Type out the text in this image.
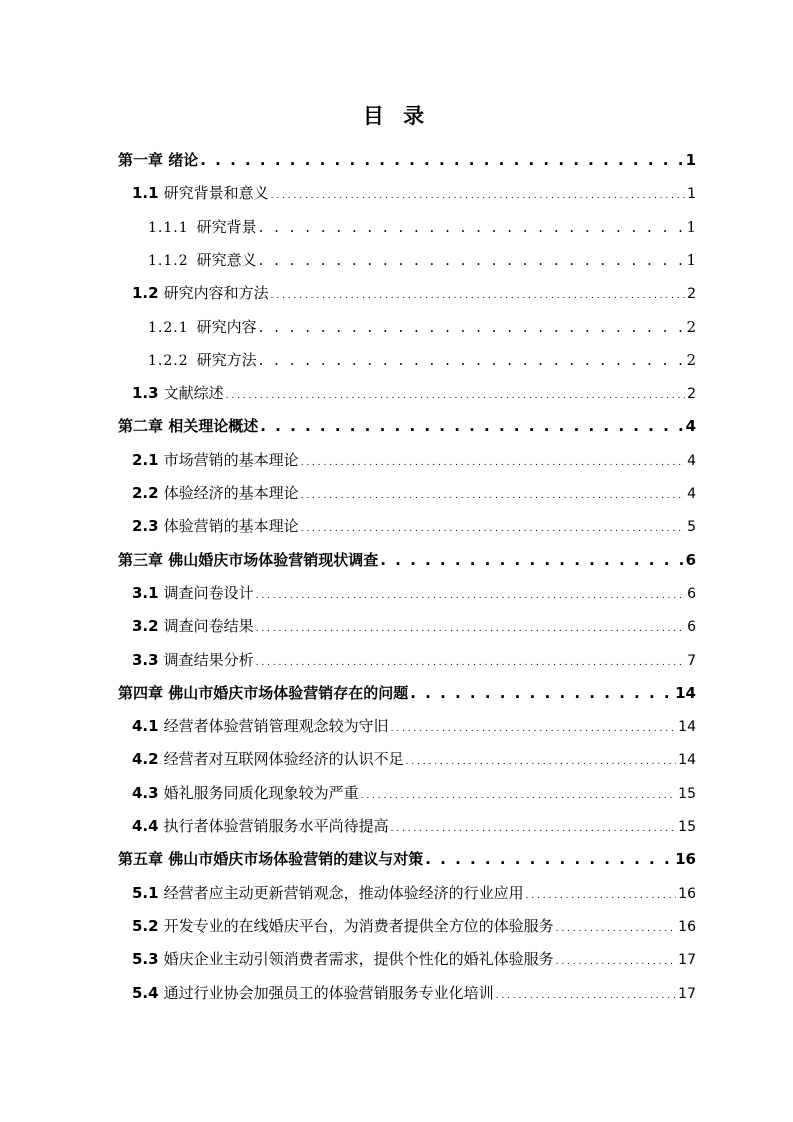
目 录
第一章 绪论 . . .	1
1.1 研究背景和意义 . . .	1
1.1.1 研究背景 . . .	1
1.1.2 研究意义 . . .	1
1.2 研究内容和方法 . . .	2
1.2.1 研究内容 . . .	2
1.2.2 研究方法 . . .	2
1.3 文献综述 . . .	2
第二章 相关理论概述 . . .	4
2.1 市场营销的基本理论 . . .	4
2.2 体验经济的基本理论 . . .	4
2.3 体验营销的基本理论 . . .	5
第三章 佛山婚庆市场体验营销现状调查 . . .	6
3.1 调查问卷设计 . . .	6
3.2 调查问卷结果 . . .	6
3.3 调查结果分析 . . .	7
第四章 佛山市婚庆市场体验营销存在的问题 . . .	14
4.1 经营者体验营销管理观念较为守旧 . . .	14
4.2 经营者对互联网体验经济的认识不足 . . .	14
4.3 婚礼服务同质化现象较为严重 . . .	15
4.4 执行者体验营销服务水平尚待提高 . . .	15
第五章 佛山市婚庆市场体验营销的建议与对策 . . .	16
5.1 经营者应主动更新营销观念，推动体验经济的行业应用 . . .	16
5.2 开发专业的在线婚庆平台，为消费者提供全方位的体验服务 . . .	16
5.3 婚庆企业主动引领消费者需求，提供个性化的婚礼体验服务 . . .	17
5.4 通过行业协会加强员工的体验营销服务专业化培训 . . .	17
